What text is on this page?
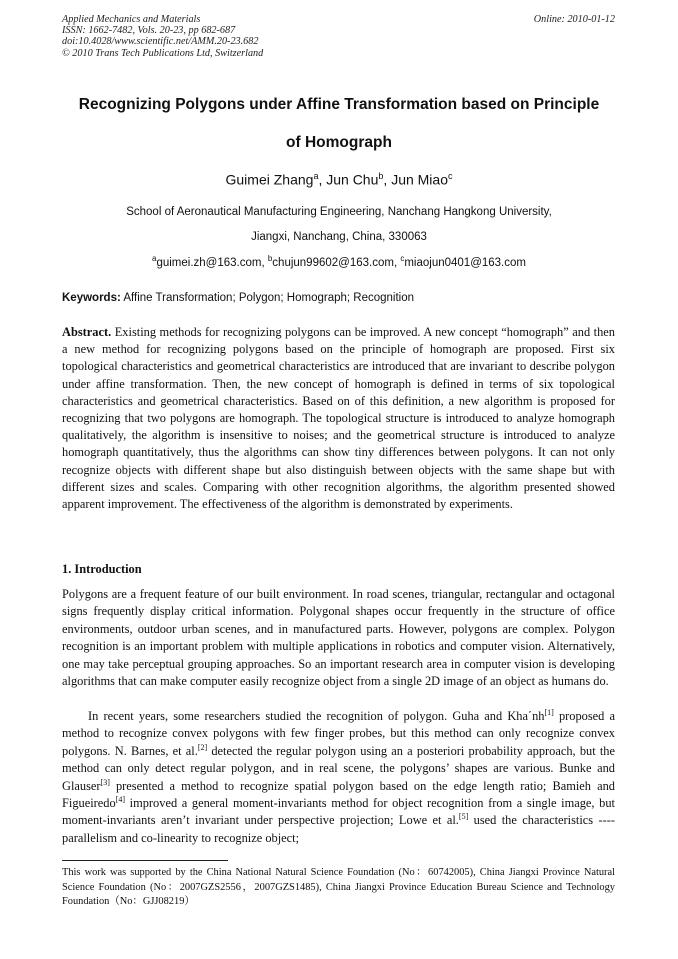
Applied Mechanics and Materials
ISSN: 1662-7482, Vols. 20-23, pp 682-687
doi:10.4028/www.scientific.net/AMM.20-23.682
© 2010 Trans Tech Publications Ltd, Switzerland
Online: 2010-01-12
Recognizing Polygons under Affine Transformation based on Principle
of Homograph
Guimei Zhang$^a$, Jun Chu$^b$, Jun Miao$^c$
School of Aeronautical Manufacturing Engineering, Nanchang Hangkong University,
Jiangxi, Nanchang, China, 330063
$^a$guimei.zh@163.com, $^b$chujun99602@163.com, $^c$miaojun0401@163.com
Keywords: Affine Transformation; Polygon; Homograph; Recognition

Abstract. Existing methods for recognizing polygons can be improved. A new concept “homograph” and then a new method for recognizing polygons based on the principle of homograph are proposed. First six topological characteristics and geometrical characteristics are introduced that are invariant to describe polygon under affine transformation. Then, the new concept of homograph is defined in terms of six topological characteristics and geometrical characteristics. Based on of this definition, a new algorithm is proposed for recognizing that two polygons are homograph. The topological structure is introduced to analyze homograph qualitatively, the algorithm is insensitive to noises; and the geometrical structure is introduced to analyze homograph quantitatively, thus the algorithms can show tiny differences between polygons. It can not only recognize objects with different shape but also distinguish between objects with the same shape but with different sizes and scales. Comparing with other recognition algorithms, the algorithm presented showed apparent improvement. The effectiveness of the algorithm is demonstrated by experiments.

1. Introduction

Polygons are a frequent feature of our built environment. In road scenes, triangular, rectangular and octagonal signs frequently display critical information. Polygonal shapes occur frequently in the structure of office environments, outdoor urban scenes, and in manufactured parts. However, polygons are complex. Polygon recognition is an important problem with multiple applications in robotics and computer vision. Alternatively, one may take perceptual grouping approaches. So an important research area in computer vision is developing algorithms that can make computer easily recognize object from a single 2D image of an object as humans do.

In recent years, some researchers studied the recognition of polygon. Guha and Kha΄nh[1] proposed a method to recognize convex polygons with few finger probes, but this method can only recognize convex polygons. N. Barnes, et al.[2] detected the regular polygon using an a posteriori probability approach, but the method can only detect regular polygon, and in real scene, the polygons’ shapes are various. Bunke and Glauser[3] presented a method to recognize spatial polygon based on the edge length ratio; Bamieh and Figueiredo[4] improved a general moment-invariants method for object recognition from a single image, but moment-invariants aren’t invariant under perspective projection; Lowe et al.[5] used the characteristics ----parallelism and co-linearity to recognize object;

This work was supported by the China National Natural Science Foundation (No：60742005), China Jiangxi Province Natural Science Foundation (No：2007GZS2556，2007GZS1485), China Jiangxi Province Education Bureau Science and Technology Foundation（No：GJJ08219）
